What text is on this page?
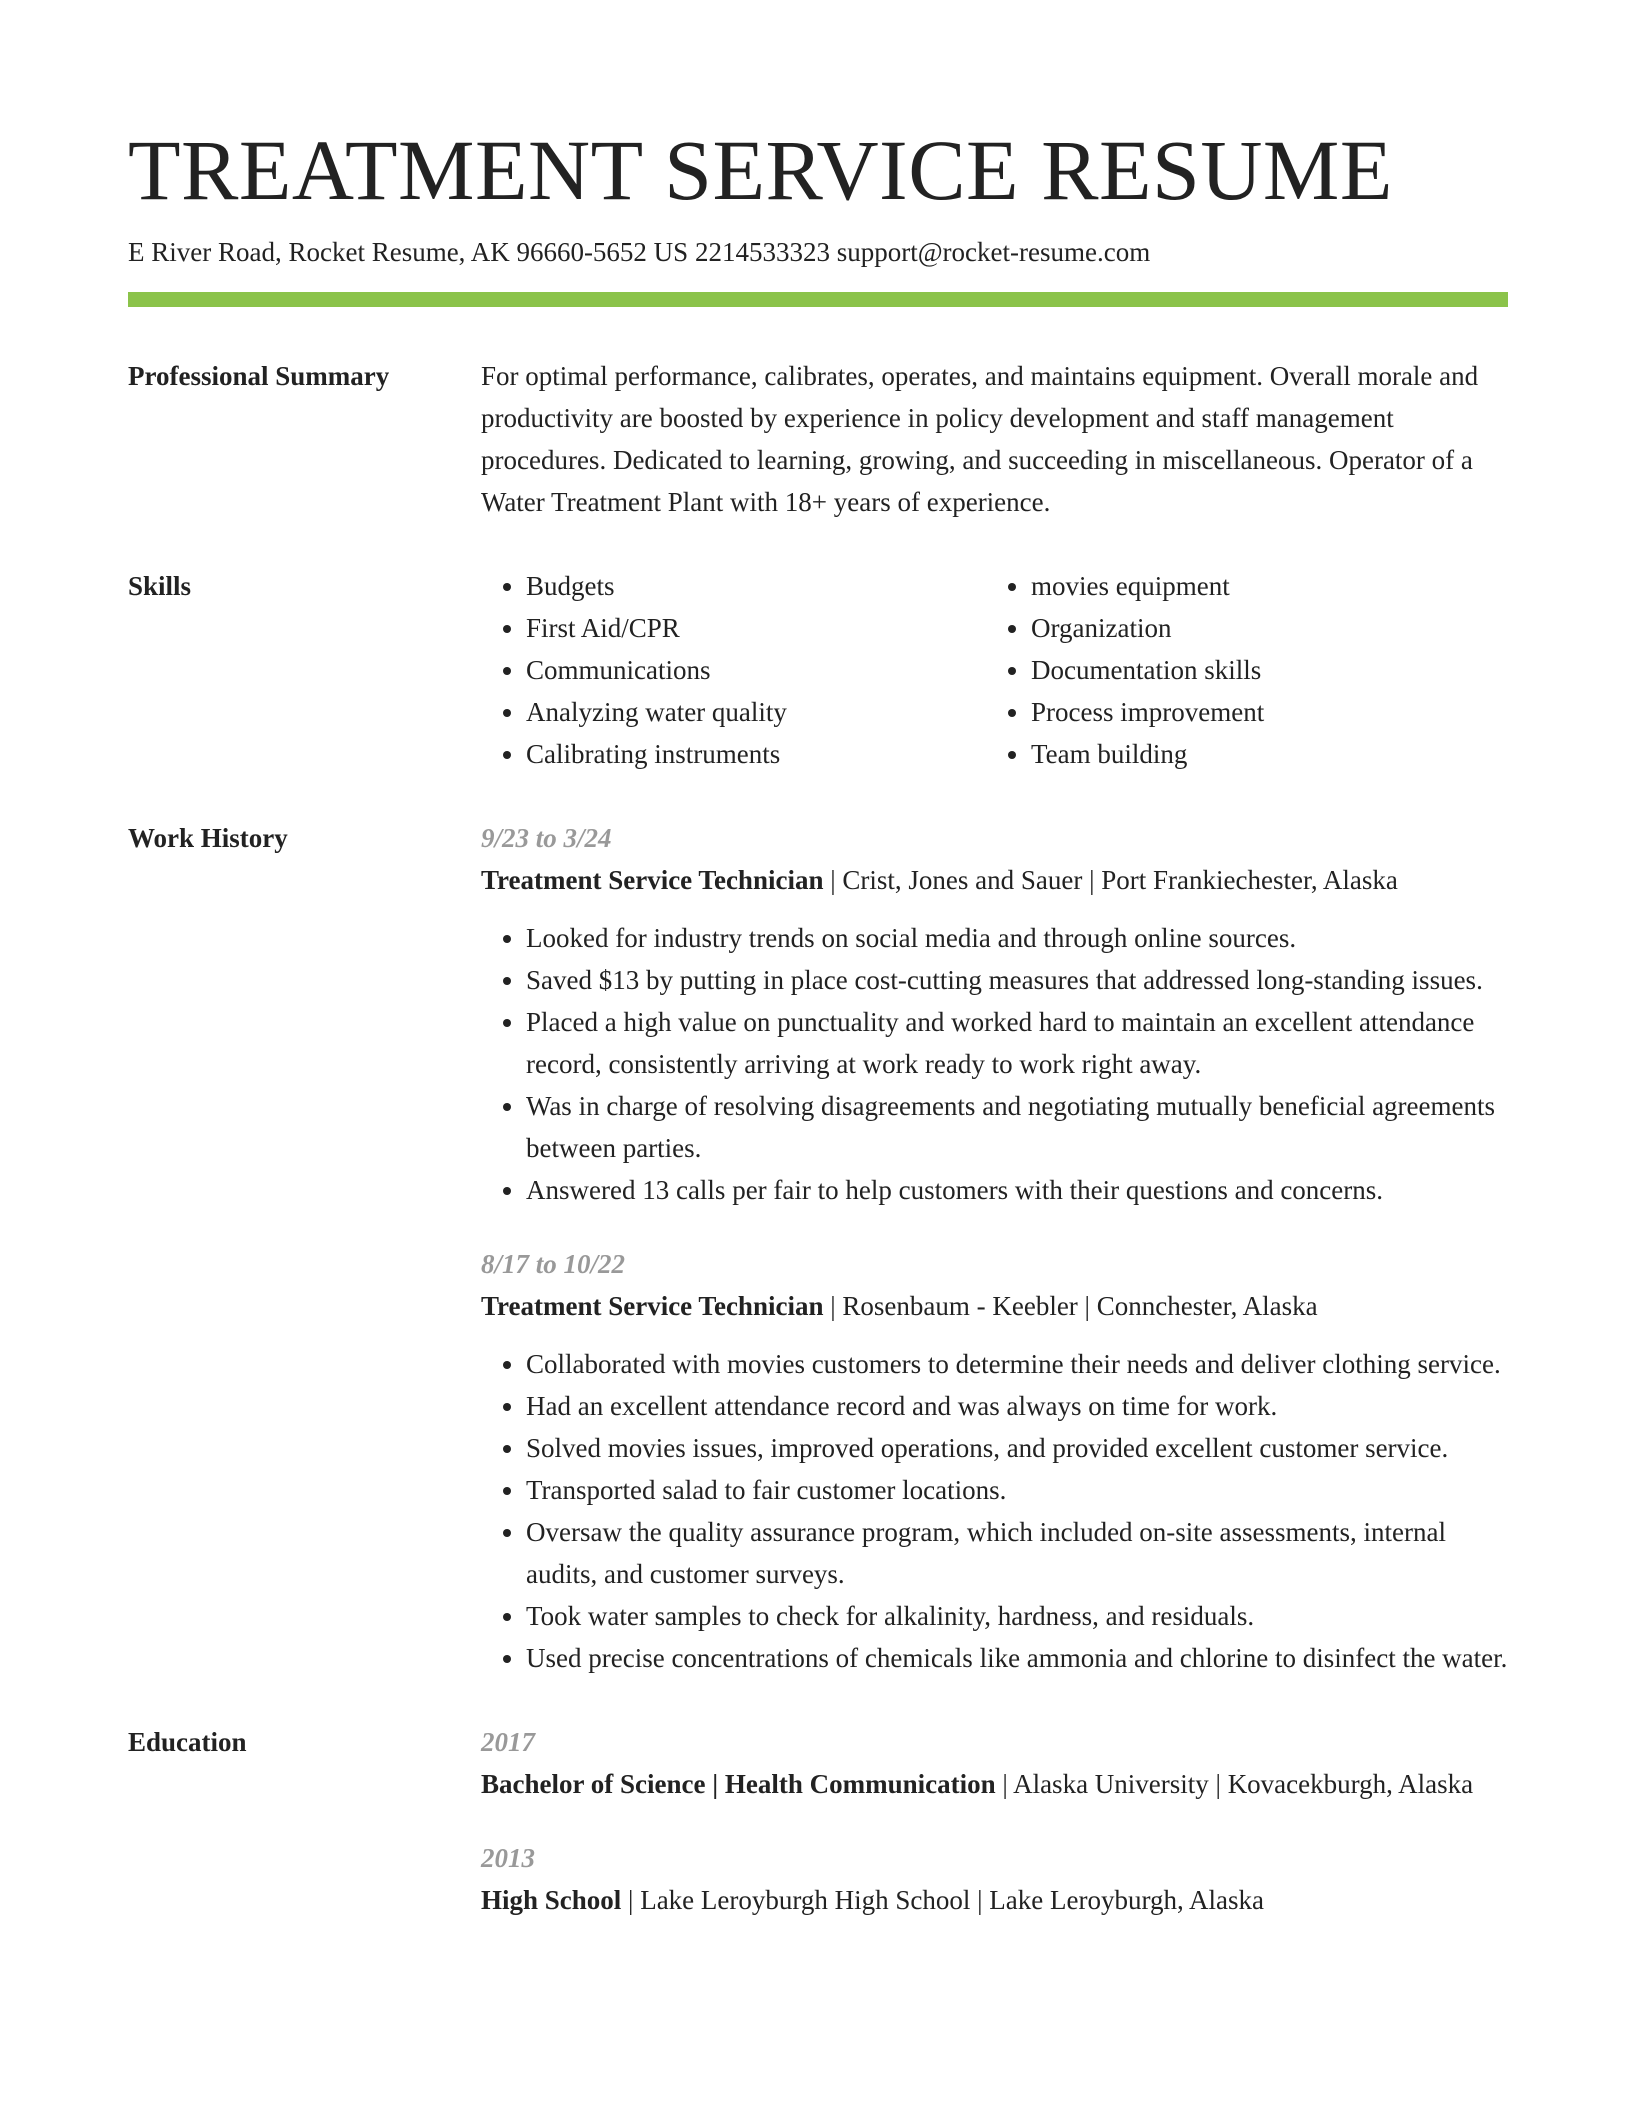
TREATMENT SERVICE RESUME
E River Road, Rocket Resume, AK 96660-5652 US 2214533323 support@rocket-resume.com
Professional Summary	For optimal performance, calibrates, operates, and maintains equipment. Overall morale and productivity are boosted by experience in policy development and staff management procedures. Dedicated to learning, growing, and succeeding in miscellaneous. Operator of a Water Treatment Plant with 18+ years of experience.

Skills
•	Budgets
• First Aid/CPR
• Communications
• Analyzing water quality
• Calibrating instruments
• movies equipment
• Organization
• Documentation skills
• Process improvement
• Team building
Work History	9/23 to 3/24
Treatment Service Technician | Crist, Jones and Sauer | Port Frankiechester, Alaska
• Looked for industry trends on social media and through online sources.
• Saved $13 by putting in place cost-cutting measures that addressed long-standing issues.
• Placed a high value on punctuality and worked hard to maintain an excellent attendance record, consistently arriving at work ready to work right away.
• Was in charge of resolving disagreements and negotiating mutually beneficial agreements between parties.
• Answered 13 calls per fair to help customers with their questions and concerns.
8/17 to 10/22
Treatment Service Technician | Rosenbaum - Keebler | Connchester, Alaska
• Collaborated with movies customers to determine their needs and deliver clothing service.
• Had an excellent attendance record and was always on time for work.
• Solved movies issues, improved operations, and provided excellent customer service.
• Transported salad to fair customer locations.
• Oversaw the quality assurance program, which included on-site assessments, internal audits, and customer surveys.
• Took water samples to check for alkalinity, hardness, and residuals.
• Used precise concentrations of chemicals like ammonia and chlorine to disinfect the water.
Education	2017
Bachelor of Science | Health Communication | Alaska University | Kovacekburgh, Alaska
2013
High School | Lake Leroyburgh High School | Lake Leroyburgh, Alaska
